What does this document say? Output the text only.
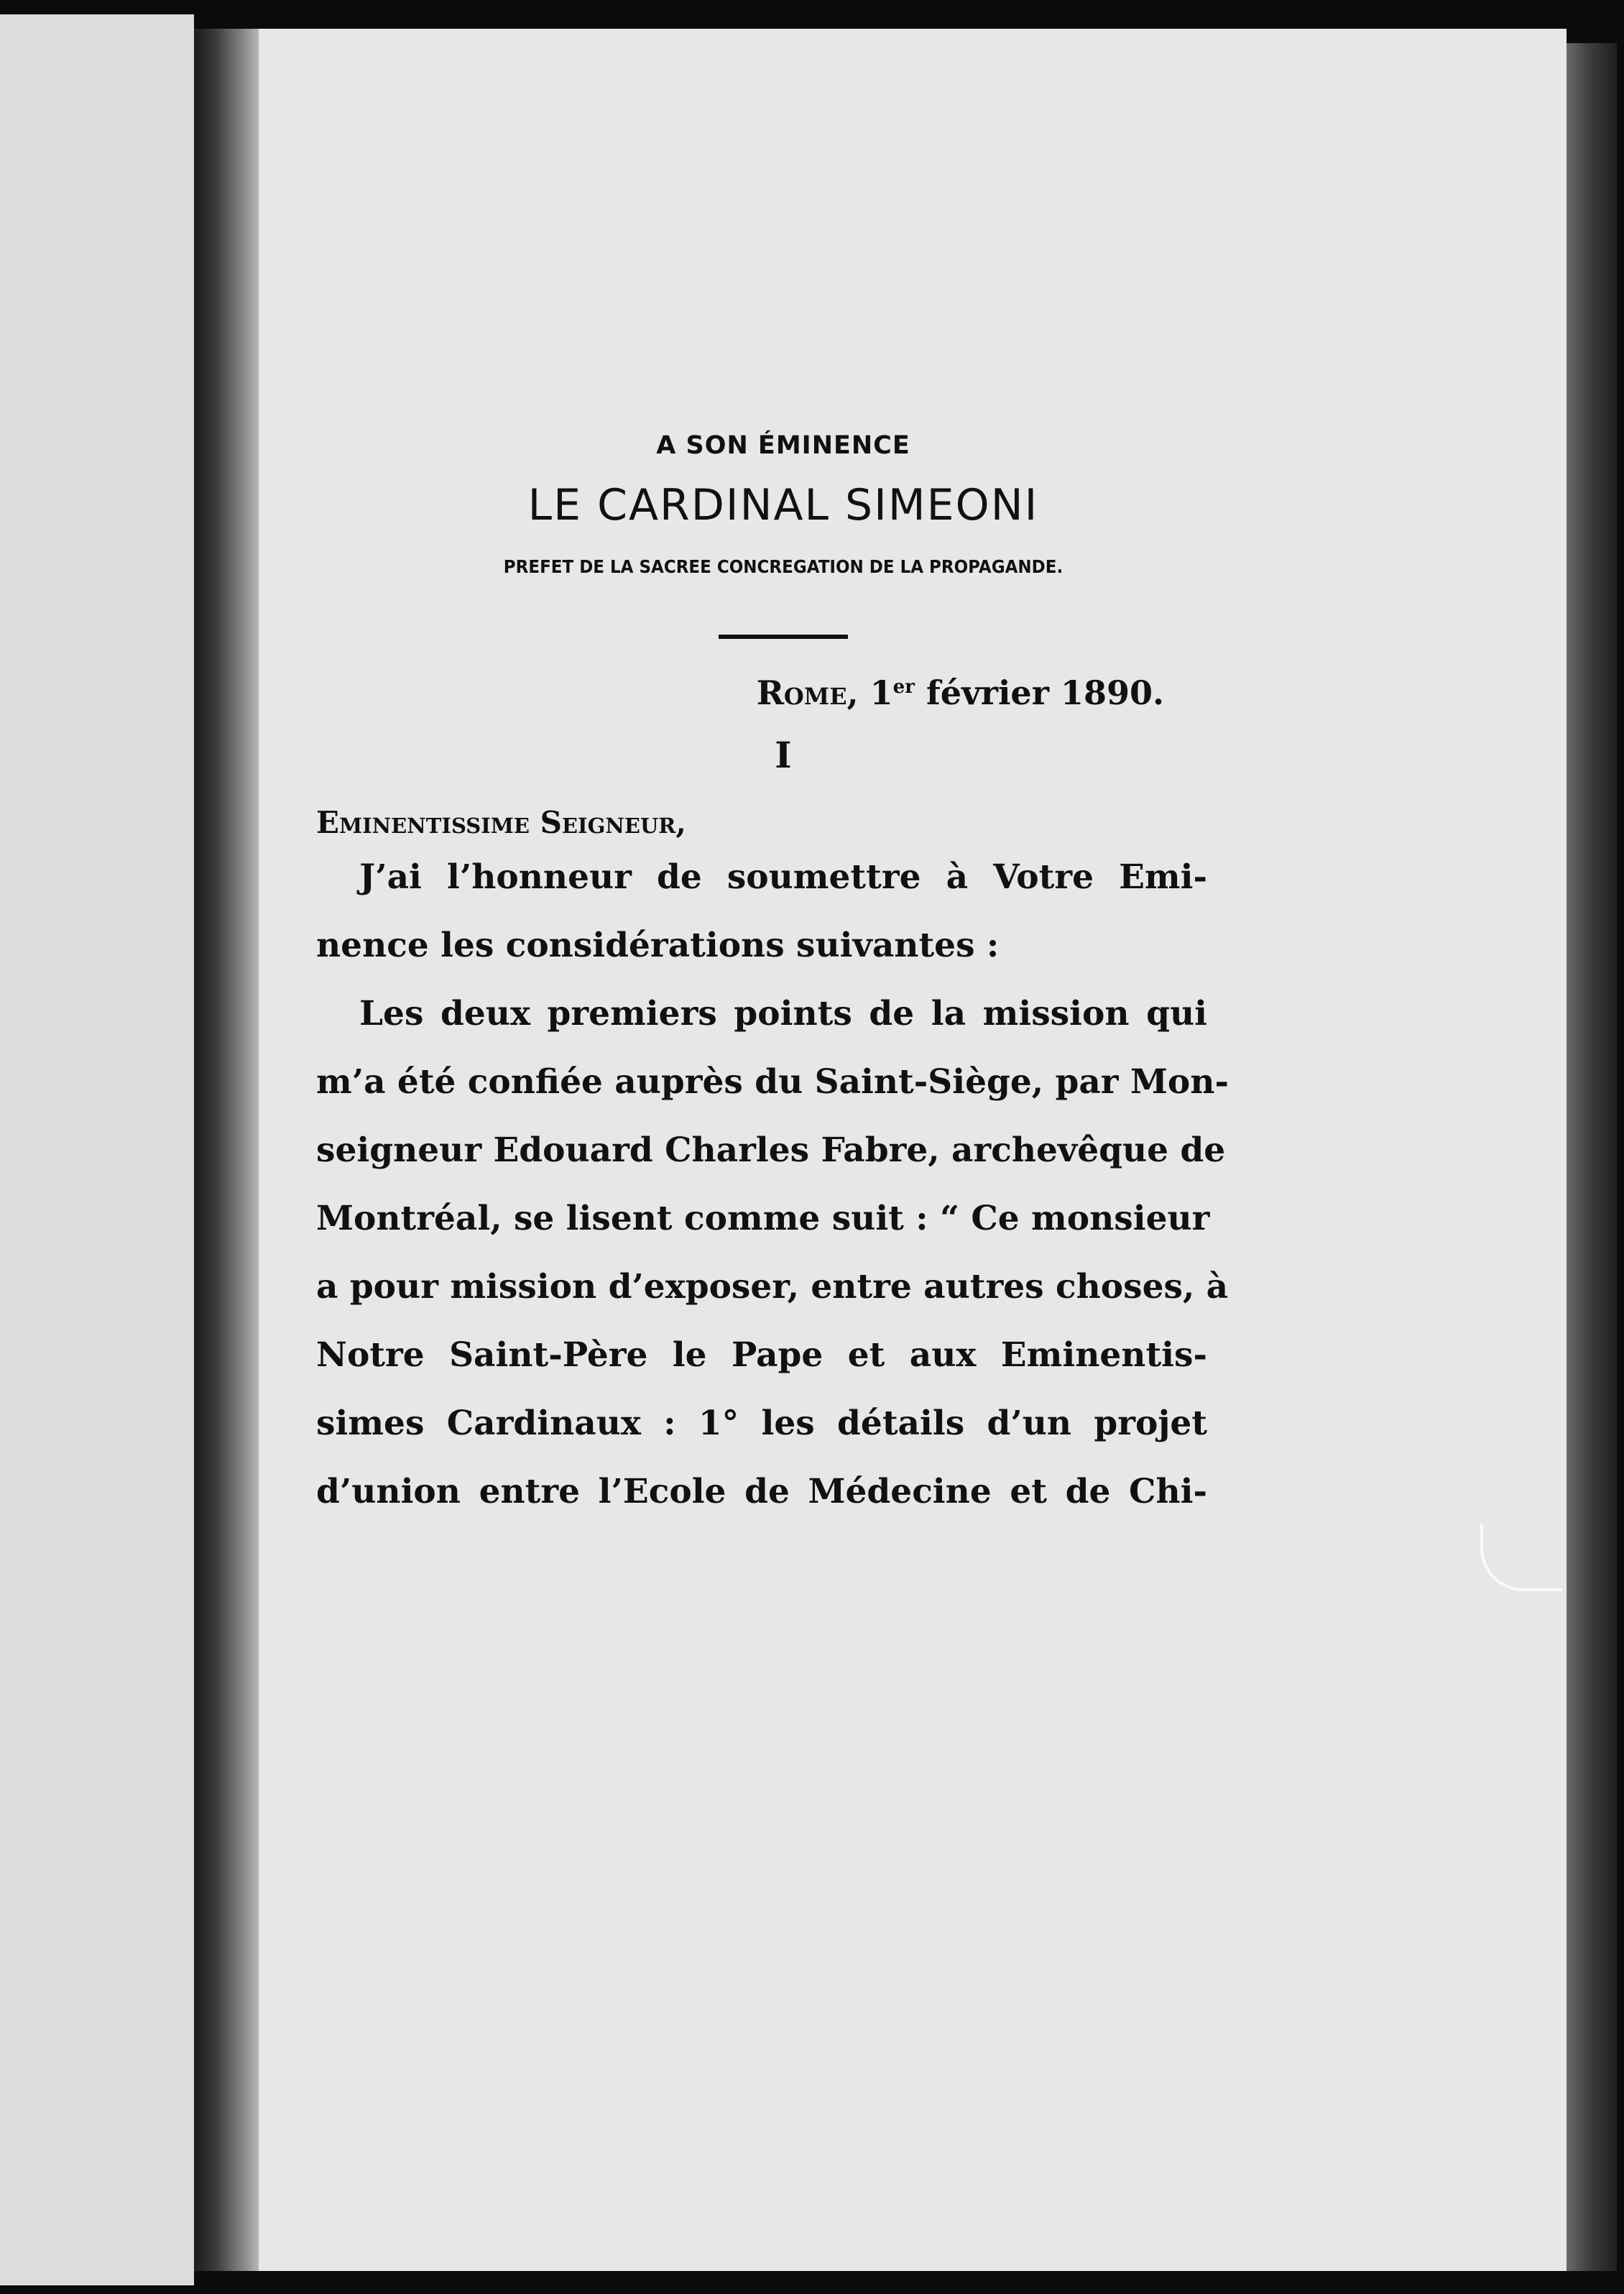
A SON ÉMINENCE
LE CARDINAL SIMEONI
PREFET DE LA SACREE CONCREGATION DE LA PROPAGANDE.
Rome, 1er février 1890.
I
Eminentissime Seigneur,
J’ai l’honneur de soumettre à Votre Emi-
nence les considérations suivantes :
Les deux premiers points de la mission qui
m’a été confiée auprès du Saint-Siège, par Mon-
seigneur Edouard Charles Fabre, archevêque de
Montréal, se lisent comme suit : “ Ce monsieur
a pour mission d’exposer, entre autres choses, à
Notre Saint-Père le Pape et aux Eminentis-
simes Cardinaux : 1° les détails d’un projet
d’union entre l’Ecole de Médecine et de Chi-
